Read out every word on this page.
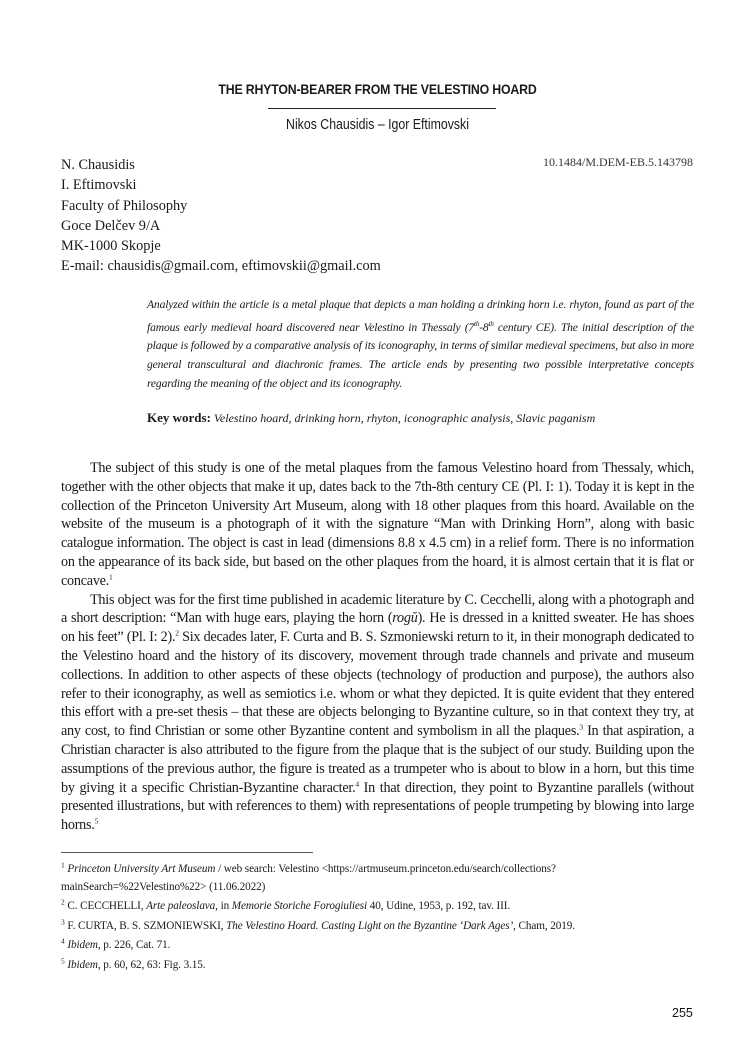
THE RHYTON-BEARER FROM THE VELESTINO HOARD
Nikos Chausidis – Igor Eftimovski
N. Chausidis
I. Eftimovski
Faculty of Philosophy
Goce Delčev 9/A
MK-1000 Skopje
E-mail: chausidis@gmail.com, eftimovskii@gmail.com
10.1484/M.DEM-EB.5.143798
Analyzed within the article is a metal plaque that depicts a man holding a drinking horn i.e. rhyton, found as part of the famous early medieval hoard discovered near Velestino in Thessaly (7th-8th century CE). The initial description of the plaque is followed by a comparative analysis of its iconography, in terms of similar medieval specimens, but also in more general transcultural and diachronic frames. The article ends by presenting two possible interpretative concepts regarding the meaning of the object and its iconography.
Key words: Velestino hoard, drinking horn, rhyton, iconographic analysis, Slavic paganism

The subject of this study is one of the metal plaques from the famous Velestino hoard from Thessaly, which, together with the other objects that make it up, dates back to the 7th-8th century CE (Pl. I: 1). Today it is kept in the collection of the Princeton University Art Museum, along with 18 other plaques from this hoard. Available on the website of the museum is a photograph of it with the signature “Man with Drinking Horn”, along with basic catalogue information. The object is cast in lead (dimensions 8.8 x 4.5 cm) in a relief form. There is no information on the appearance of its back side, but based on the other plaques from the hoard, it is almost certain that it is flat or concave.$^1$

This object was for the first time published in academic literature by C. Cecchelli, along with a photograph and a short description: “Man with huge ears, playing the horn (rogŭ). He is dressed in a knitted sweater. He has shoes on his feet” (Pl. I: 2).$^2$ Six decades later, F. Curta and B. S. Szmoniewski return to it, in their monograph dedicated to the Velestino hoard and the history of its discovery, movement through trade channels and private and museum collections. In addition to other aspects of these objects (technology of production and purpose), the authors also refer to their iconography, as well as semiotics i.e. whom or what they depicted. It is quite evident that they entered this effort with a pre-set thesis – that these are objects belonging to Byzantine culture, so in that context they try, at any cost, to find Christian or some other Byzantine content and symbolism in all the plaques.$^3$ In that aspiration, a Christian character is also attributed to the figure from the plaque that is the subject of our study. Building upon the assumptions of the previous author, the figure is treated as a trumpeter who is about to blow in a horn, but this time by giving it a specific Christian-Byzantine character.$^4$ In that direction, they point to Byzantine parallels (without presented illustrations, but with references to them) with representations of people trumpeting by blowing into large horns.$^5$

$^1$ Princeton University Art Museum / web search: Velestino <https://artmuseum.princeton.edu/search/collections?mainSearch=%22Velestino%22> (11.06.2022)
$^2$ C. CECCHELLI, Arte paleoslava, in Memorie Storiche Forogiuliesi 40, Udine, 1953, p. 192, tav. III.
$^3$ F. CURTA, B. S. SZMONIEWSKI, The Velestino Hoard. Casting Light on the Byzantine ‘Dark Ages’, Cham, 2019.
$^4$ Ibidem, p. 226, Cat. 71.
$^5$ Ibidem, p. 60, 62, 63: Fig. 3.15.
255
